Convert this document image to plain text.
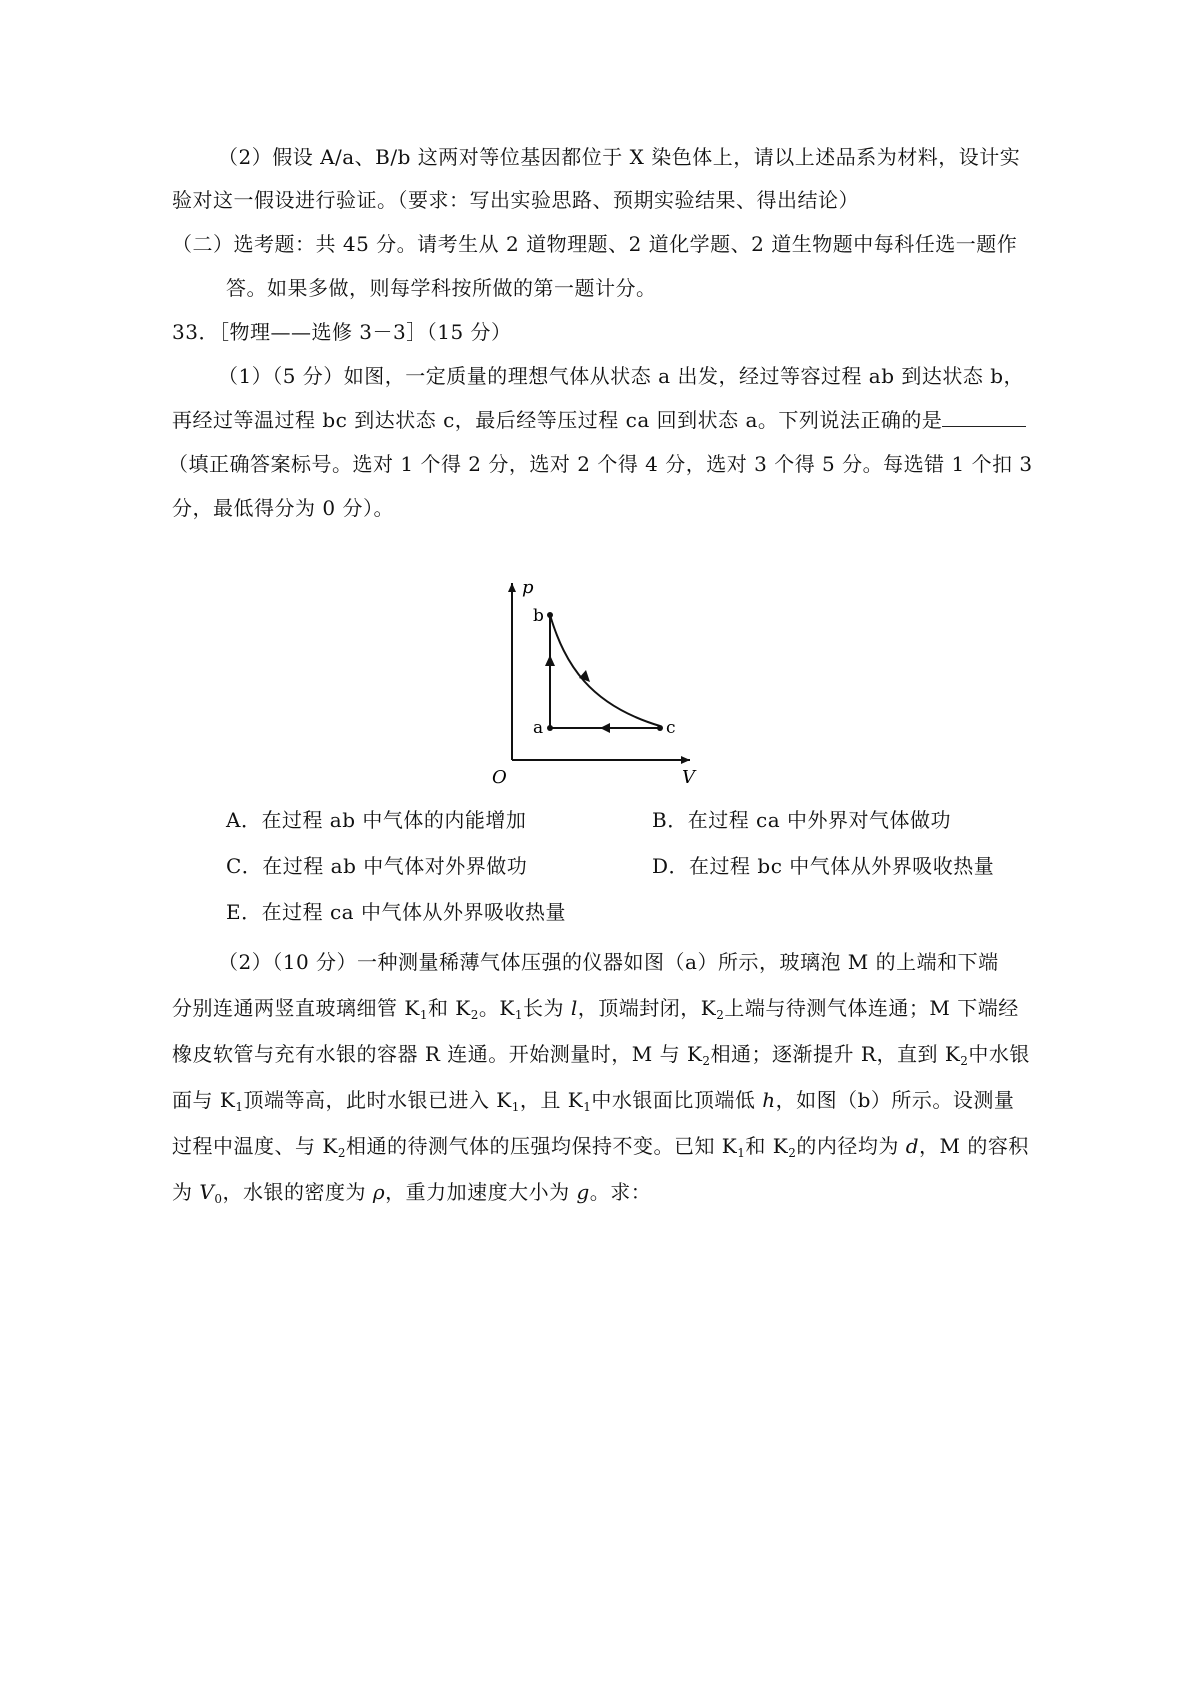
（2）假设 A/a、B/b 这两对等位基因都位于 X 染色体上，请以上述品系为材料，设计实
验对这一假设进行验证。（要求：写出实验思路、预期实验结果、得出结论）
（二）选考题：共 45 分。请考生从 2 道物理题、2 道化学题、2 道生物题中每科任选一题作
答。如果多做，则每学科按所做的第一题计分。
33．［物理——选修 3－3］（15 分）
（1）（5 分）如图，一定质量的理想气体从状态 a 出发，经过等容过程 ab 到达状态 b，
再经过等温过程 bc 到达状态 c，最后经等压过程 ca 回到状态 a。下列说法正确的是
（填正确答案标号。选对 1 个得 2 分，选对 2 个得 4 分，选对 3 个得 5 分。每选错 1 个扣 3
分，最低得分为 0 分）。
p
V
O
a
b
c
A．在过程 ab 中气体的内能增加	B．在过程 ca 中外界对气体做功
C．在过程 ab 中气体对外界做功	D．在过程 bc 中气体从外界吸收热量
E．在过程 ca 中气体从外界吸收热量
（2）（10 分）一种测量稀薄气体压强的仪器如图（a）所示，玻璃泡 M 的上端和下端
分别连通两竖直玻璃细管 $K_1$和 $K_2$。$K_1$长为 l，顶端封闭，$K_2$上端与待测气体连通；M 下端经
橡皮软管与充有水银的容器 R 连通。开始测量时，M 与 $K_2$相通；逐渐提升 R，直到 $K_2$中水银
面与 $K_1$顶端等高，此时水银已进入 $K_1$，且 $K_1$中水银面比顶端低 h，如图（b）所示。设测量
过程中温度、与 $K_2$相通的待测气体的压强均保持不变。已知 $K_1$和 $K_2$的内径均为 d，M 的容积
为 $V_0$，水银的密度为 ρ，重力加速度大小为 g。求：
